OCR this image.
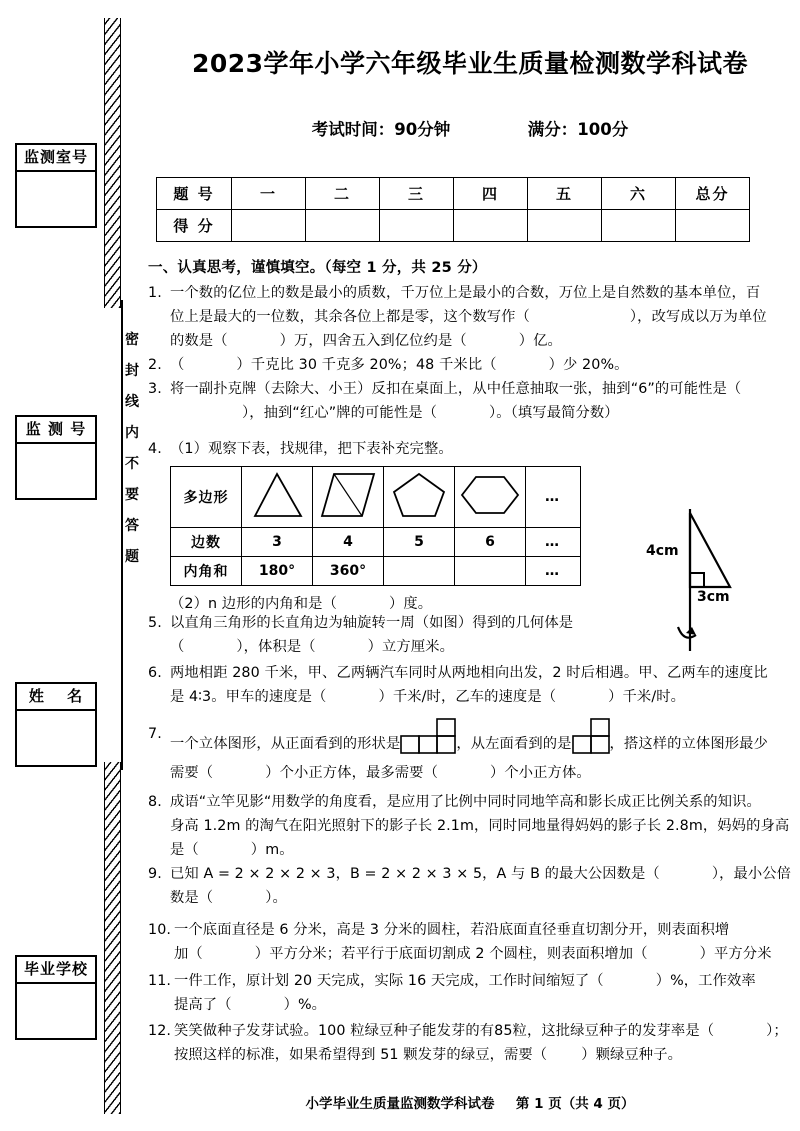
监测室号
监 测 号
姓　 名
毕业学校
密
封
线
内
不
要
答
题
2023学年小学六年级毕业生质量检测数学科试卷
考试时间：90分钟	满分：100分
题 号	一	二	三	四	五	六	总分
得 分							
一、认真思考，谨慎填空。（每空 1 分，共 25 分）
1. 一个数的亿位上的数是最小的质数，千万位上是最小的合数，万位上是自然数的基本单位，百
位上是最大的一位数，其余各位上都是零，这个数写作（	），改写成以万为单位
的数是（	）万，四舍五入到亿位约是（	）亿。
2. （	）千克比 30 千克多 20%；48 千米比（	）少 20%。
3. 将一副扑克牌（去除大、小王）反扣在桌面上，从中任意抽取一张，抽到“6”的可能性是（
），抽到“红心”牌的可能性是（	）。（填写最简分数）
4. （1）观察下表，找规律，把下表补充完整。
多边形					…
边数	3	4	5	6	…
内角和	180°	360°			…
（2）n 边形的内角和是（	）度。
4cm
3cm
5. 以直角三角形的长直角边为轴旋转一周（如图）得到的几何体是
（	），体积是（	）立方厘米。
6. 两地相距 280 千米，甲、乙两辆汽车同时从两地相向出发，2 时后相遇。甲、乙两车的速度比
是 4∶3。甲车的速度是（	）千米/时，乙车的速度是（	）千米/时。
7.
一个立体图形，从正面看到的形状是	，从左面看到的是	，搭这样的立体图形最少
需要（	）个小正方体，最多需要（	）个小正方体。
8. 成语“立竿见影“用数学的角度看，是应用了比例中同时同地竿高和影长成正比例关系的知识。
身高 1.2m 的淘气在阳光照射下的影子长 2.1m，同时同地量得妈妈的影子长 2.8m，妈妈的身高
是（	）m。
9. 已知 A = 2 × 2 × 2 × 3，B = 2 × 2 × 3 × 5，A 与 B 的最大公因数是（	），最小公倍
数是（	）。
10. 一个底面直径是 6 分米，高是 3 分米的圆柱，若沿底面直径垂直切割分开，则表面积增
加（	）平方分米；若平行于底面切割成 2 个圆柱，则表面积增加（	）平方分米
11. 一件工作，原计划 20 天完成，实际 16 天完成，工作时间缩短了（	）%，工作效率
提高了（	）%。
12. 笑笑做种子发芽试验。100 粒绿豆种子能发芽的有85粒，这批绿豆种子的发芽率是（	）；
按照这样的标准，如果希望得到 51 颗发芽的绿豆，需要（ ）颗绿豆种子。
小学毕业生质量监测数学科试卷 第 1 页（共 4 页）
